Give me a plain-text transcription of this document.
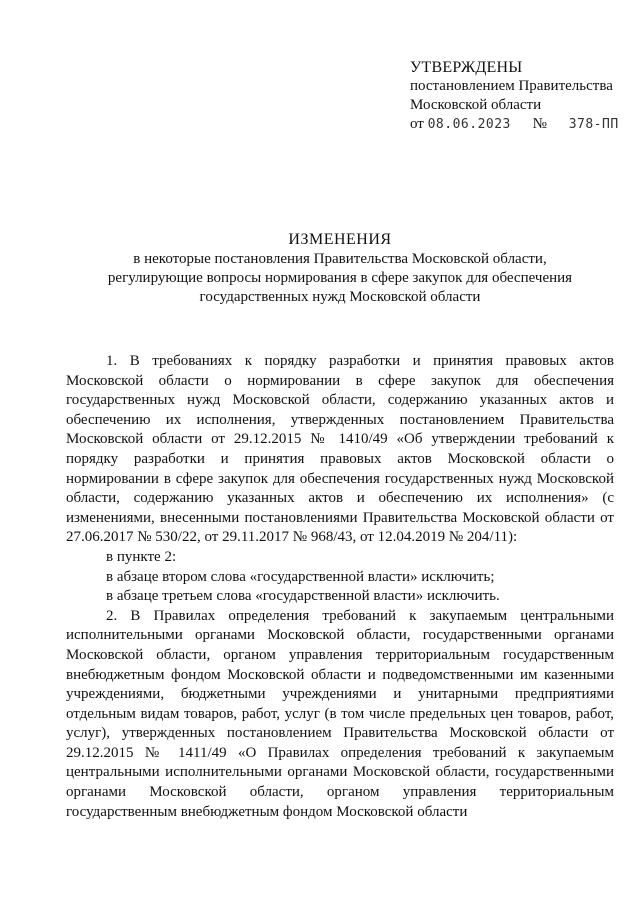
УТВЕРЖДЕНЫ
постановлением Правительства
Московской области
от 08.06.2023 № 378-ПП
ИЗМЕНЕНИЯ
в некоторые постановления Правительства Московской области,
регулирующие вопросы нормирования в сфере закупок для обеспечения
государственных нужд Московской области

1. В требованиях к порядку разработки и принятия правовых актов Московской области о нормировании в сфере закупок для обеспечения государственных нужд Московской области, содержанию указанных актов и обеспечению их исполнения, утвержденных постановлением Правительства Московской области от 29.12.2015 № 1410/49 «Об утверждении требований к порядку разработки и принятия правовых актов Московской области о нормировании в сфере закупок для обеспечения государственных нужд Московской области, содержанию указанных актов и обеспечению их исполнения» (с изменениями, внесенными постановлениями Правительства Московской области от 27.06.2017 № 530/22, от 29.11.2017 № 968/43, от 12.04.2019 № 204/11):

в пункте 2:

в абзаце втором слова «государственной власти» исключить;

в абзаце третьем слова «государственной власти» исключить.

2. В Правилах определения требований к закупаемым центральными исполнительными органами Московской области, государственными органами Московской области, органом управления территориальным государственным внебюджетным фондом Московской области и подведомственными им казенными учреждениями, бюджетными учреждениями и унитарными предприятиями отдельным видам товаров, работ, услуг (в том числе предельных цен товаров, работ, услуг), утвержденных постановлением Правительства Московской области от 29.12.2015 № 1411/49 «О Правилах определения требований к закупаемым центральными исполнительными органами Московской области, государственными органами Московской области, органом управления территориальным государственным внебюджетным фондом Московской области
